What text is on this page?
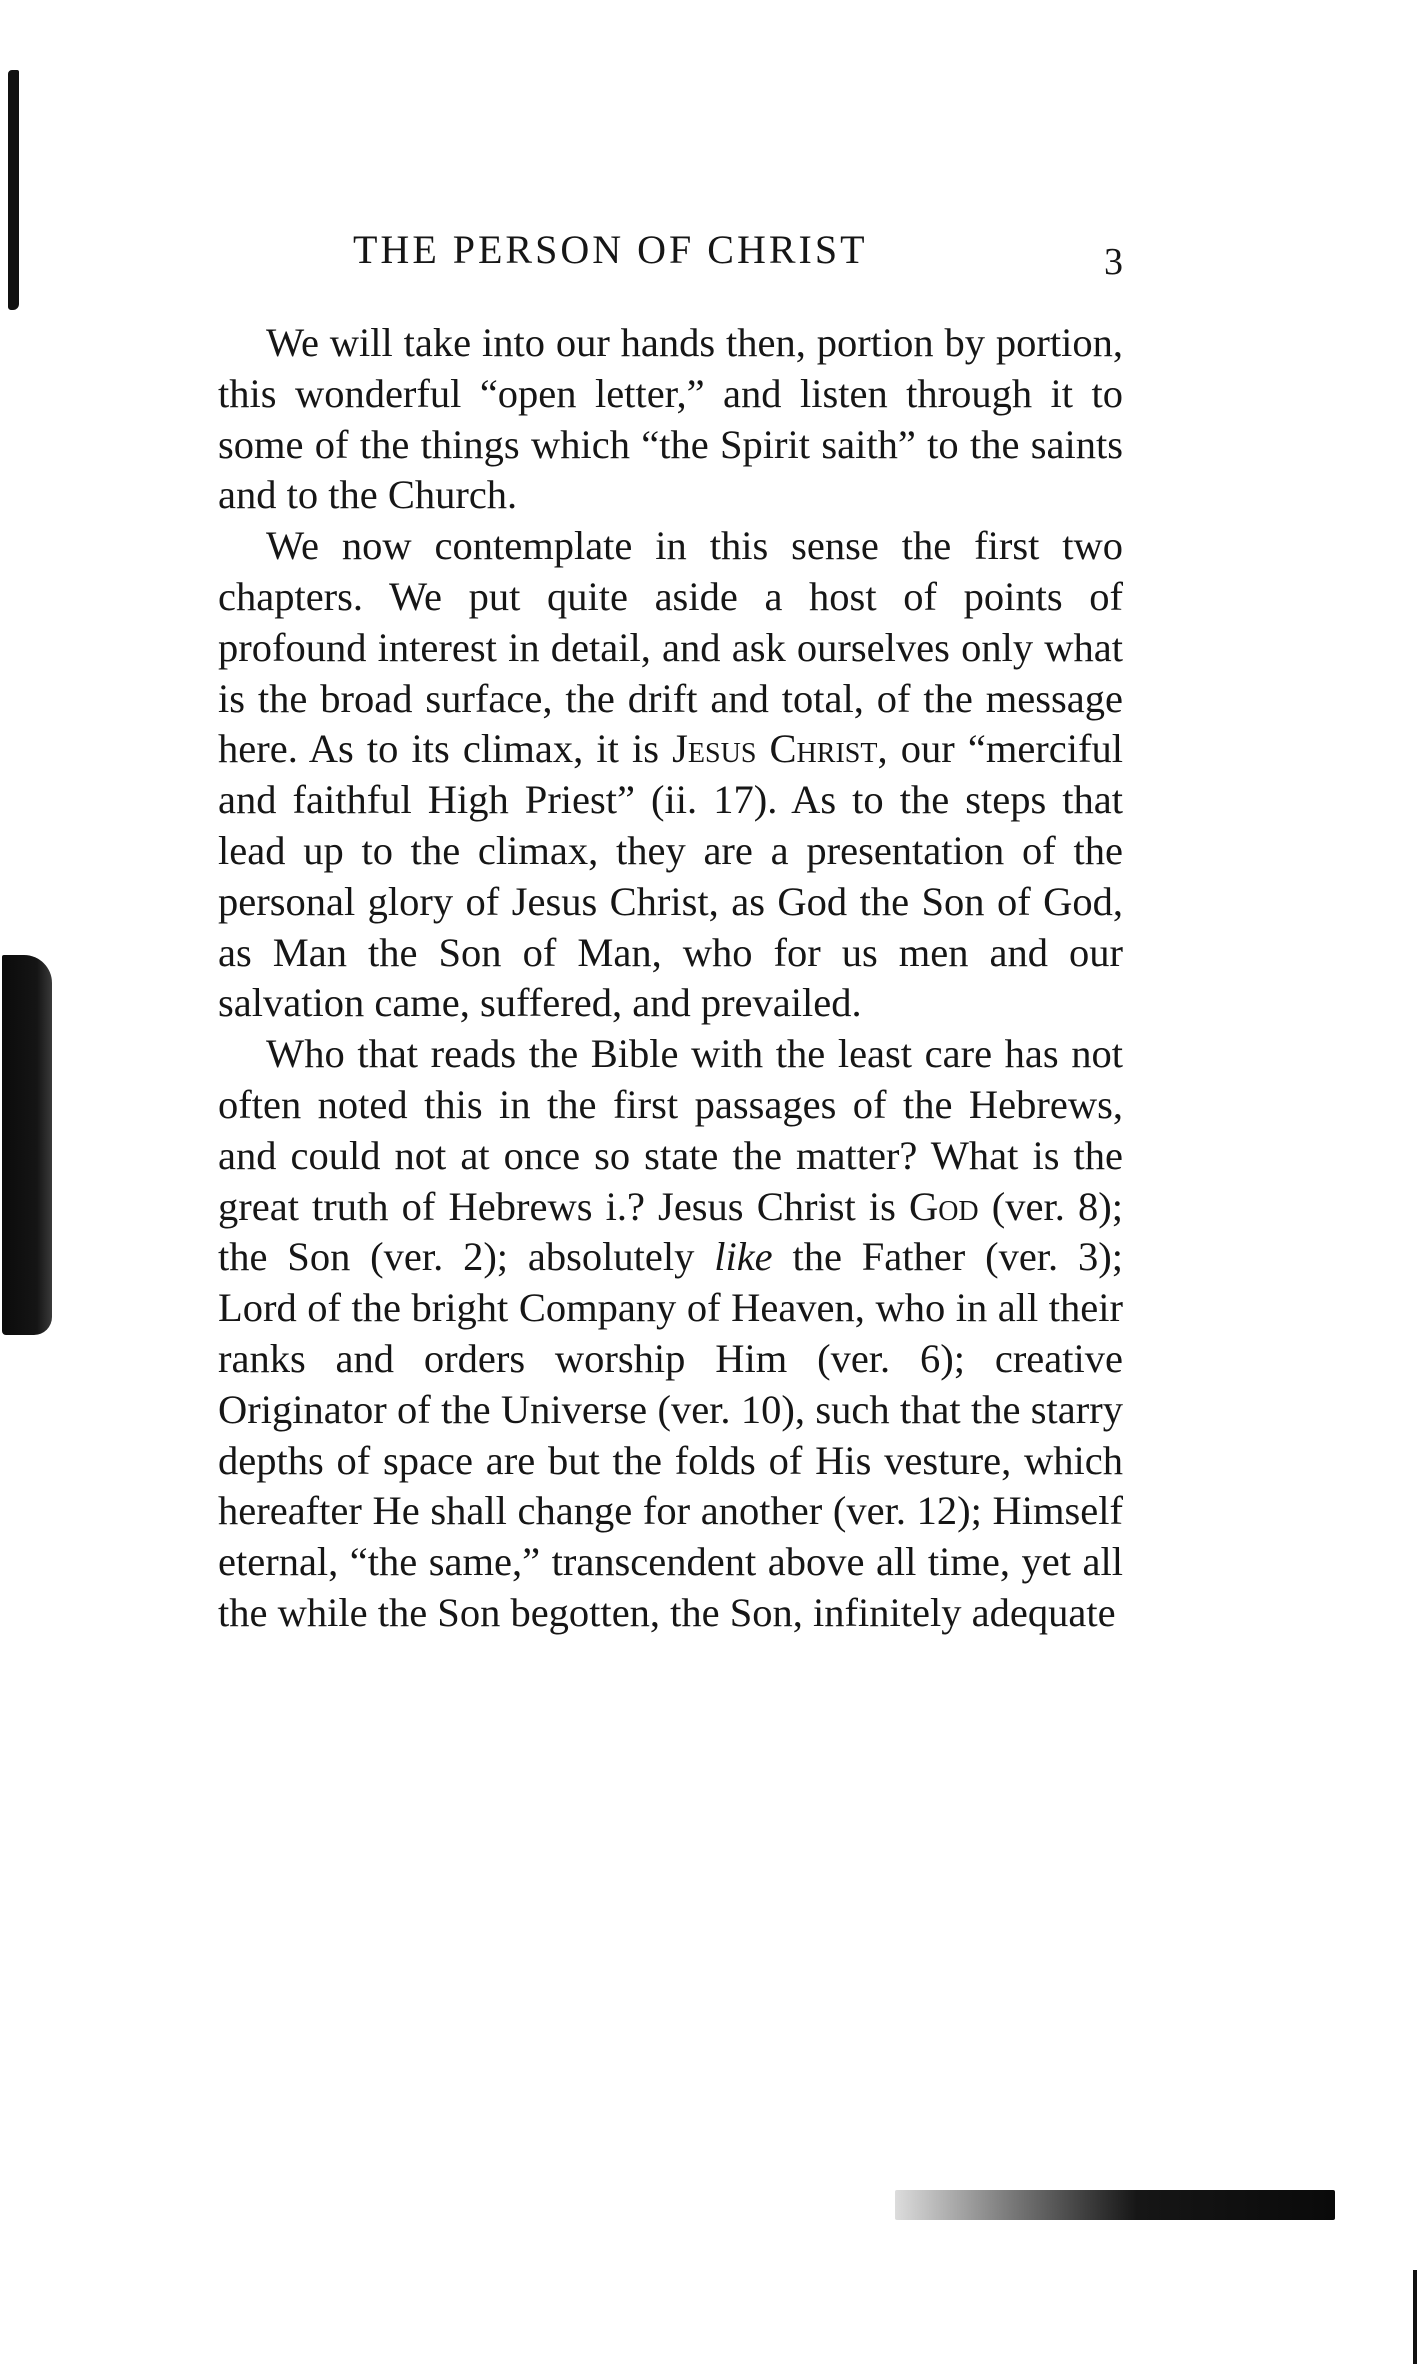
THE PERSON OF CHRIST	3

We will take into our hands then, portion by portion, this wonderful “open letter,” and listen through it to some of the things which “the Spirit saith” to the saints and to the Church.

We now contemplate in this sense the first two chapters. We put quite aside a host of points of profound interest in detail, and ask ourselves only what is the broad surface, the drift and total, of the message here. As to its climax, it is Jesus Christ, our “merciful and faithful High Priest” (ii. 17). As to the steps that lead up to the climax, they are a presentation of the personal glory of Jesus Christ, as God the Son of God, as Man the Son of Man, who for us men and our salvation came, suffered, and prevailed.

Who that reads the Bible with the least care has not often noted this in the first passages of the Hebrews, and could not at once so state the matter? What is the great truth of Hebrews i.? Jesus Christ is God (ver. 8); the Son (ver. 2); absolutely like the Father (ver. 3); Lord of the bright Company of Heaven, who in all their ranks and orders worship Him (ver. 6); creative Originator of the Universe (ver. 10), such that the starry depths of space are but the folds of His vesture, which hereafter He shall change for another (ver. 12); Himself eternal, “the same,” transcendent above all time, yet all the while the Son begotten, the Son, infinitely adequate
